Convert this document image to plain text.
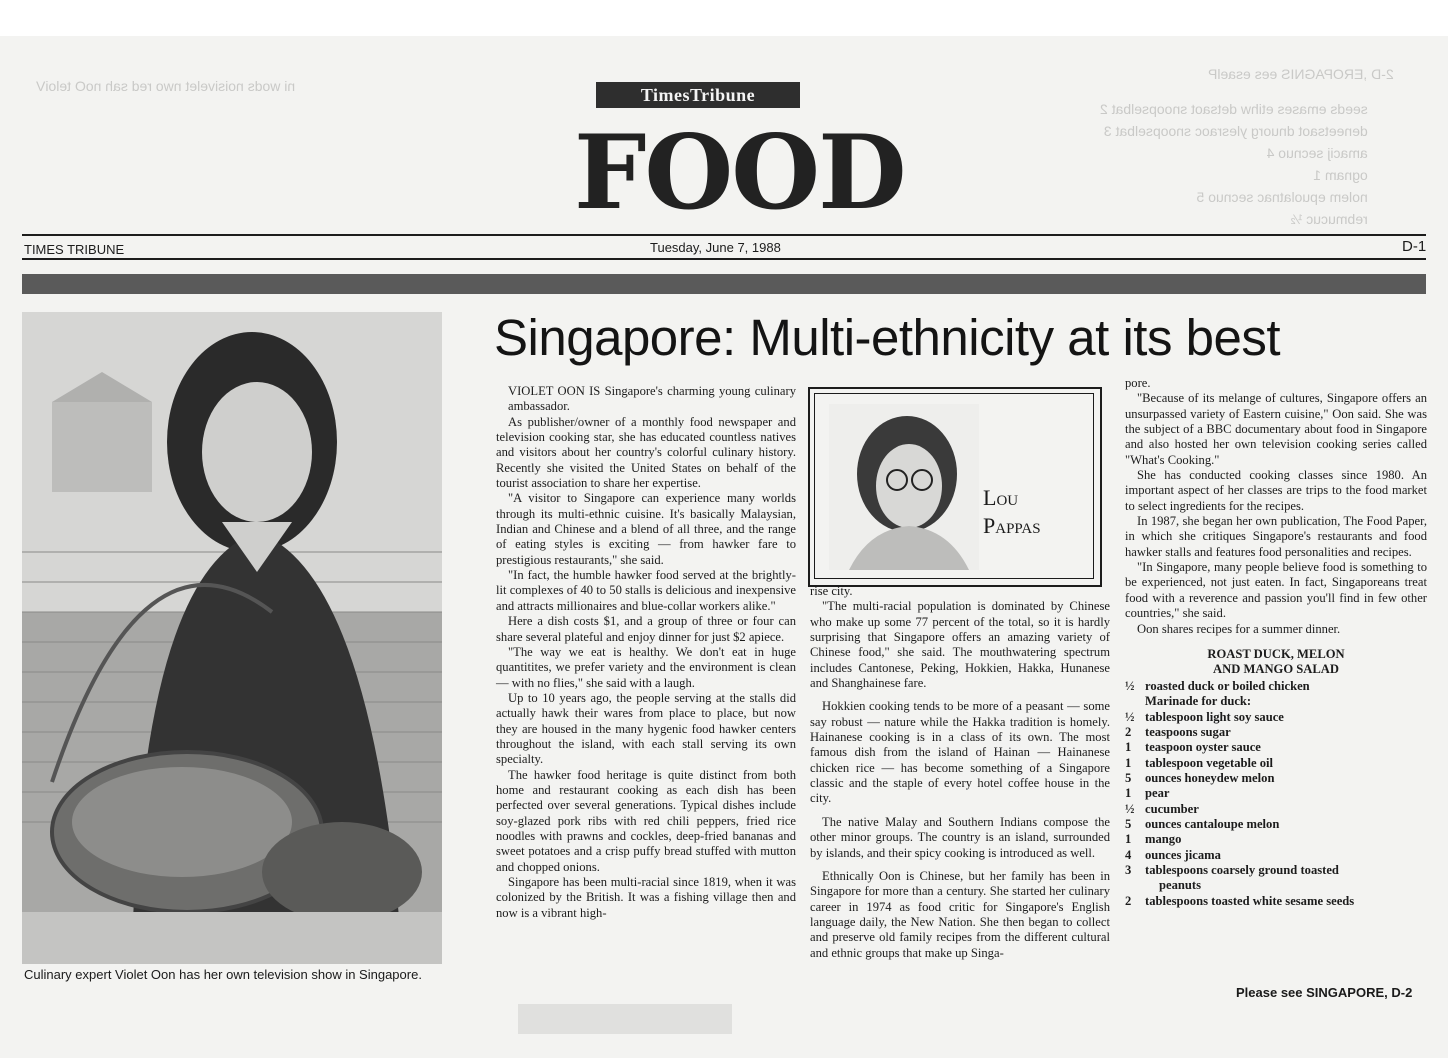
ni wods noisivelet nwo red sah noO teloiV
2-D ,EROPAGNIS ees esaelP
seeds emases etihw detsaot snoopselbat 2
deneetsaot dnuorg ylesraoc snoopselbat 3
amacij secnuo 4
ognam 1
nolem epuolatnac secnuo 5
rebmucuc ½
TimesTribune
FOOD
TIMES TRIBUNE	Tuesday, June 7, 1988	D-1
Culinary expert Violet Oon has her own television show in Singapore.
Singapore: Multi-ethnicity at its best

VIOLET OON IS Singapore's charming young culinary ambassador.

As publisher/owner of a monthly food newspaper and television cooking star, she has educated countless natives and visitors about her country's colorful culinary history. Recently she visited the United States on behalf of the tourist association to share her expertise.

"A visitor to Singapore can experience many worlds through its multi-ethnic cuisine. It's basically Malaysian, Indian and Chinese and a blend of all three, and the range of eating styles is exciting — from hawker fare to prestigious restaurants," she said.

"In fact, the humble hawker food served at the brightly-lit complexes of 40 to 50 stalls is delicious and inexpensive and attracts millionaires and blue-collar workers alike."

Here a dish costs $1, and a group of three or four can share several plateful and enjoy dinner for just $2 apiece.

"The way we eat is healthy. We don't eat in huge quantitites, we prefer variety and the environment is clean — with no flies," she said with a laugh.

Up to 10 years ago, the people serving at the stalls did actually hawk their wares from place to place, but now they are housed in the many hygenic food hawker centers throughout the island, with each stall serving its own specialty.

The hawker food heritage is quite distinct from both home and restaurant cooking as each dish has been perfected over several generations. Typical dishes include soy-glazed pork ribs with red chili peppers, fried rice noodles with prawns and cockles, deep-fried bananas and sweet potatoes and a crisp puffy bread stuffed with mutton and chopped onions.

Singapore has been multi-racial since 1819, when it was colonized by the British. It was a fishing village then and now is a vibrant high-

Lou
Pappas

rise city.

"The multi-racial population is dominated by Chinese who make up some 77 percent of the total, so it is hardly surprising that Singapore offers an amazing variety of Chinese food," she said. The mouthwatering spectrum includes Cantonese, Peking, Hokkien, Hakka, Hunanese and Shanghainese fare.

Hokkien cooking tends to be more of a peasant — some say robust — nature while the Hakka tradition is homely. Hainanese cooking is in a class of its own. The most famous dish from the island of Hainan — Hainanese chicken rice — has become something of a Singapore classic and the staple of every hotel coffee house in the city.

The native Malay and Southern Indians compose the other minor groups. The country is an island, surrounded by islands, and their spicy cooking is introduced as well.

Ethnically Oon is Chinese, but her family has been in Singapore for more than a century. She started her culinary career in 1974 as food critic for Singapore's English language daily, the New Nation. She then began to collect and preserve old family recipes from the different cultural and ethnic groups that make up Singa-

pore.

"Because of its melange of cultures, Singapore offers an unsurpassed variety of Eastern cuisine," Oon said. She was the subject of a BBC documentary about food in Singapore and also hosted her own television cooking series called "What's Cooking."

She has conducted cooking classes since 1980. An important aspect of her classes are trips to the food market to select ingredients for the recipes.

In 1987, she began her own publication, The Food Paper, in which she critiques Singapore's restaurants and food hawker stalls and features food personalities and recipes.

"In Singapore, many people believe food is something to be experienced, not just eaten. In fact, Singaporeans treat food with a reverence and passion you'll find in few other countries," she said.

Oon shares recipes for a summer dinner.

ROAST DUCK, MELON
AND MANGO SALAD
½ roasted duck or boiled chicken
Marinade for duck:
½ tablespoon light soy sauce
2 teaspoons sugar
1 teaspoon oyster sauce
1 tablespoon vegetable oil
5 ounces honeydew melon
1 pear
½ cucumber
5 ounces cantaloupe melon
1 mango
4 ounces jicama
3 tablespoons coarsely ground toasted
peanuts
2 tablespoons toasted white sesame seeds
Please see SINGAPORE, D-2
